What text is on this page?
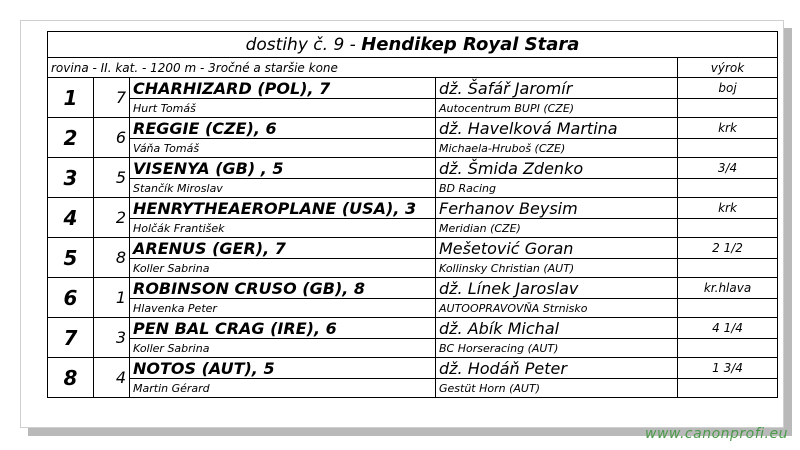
dostihy č. 9 - Hendikep Royal Stara				
rovina - II. kat. - 1200 m - 3ročné a staršie kone				výrok
1	7	CHARHIZARD (POL), 7	dž. Šafář Jaromír	boj
		Hurt Tomáš	Autocentrum BUPI (CZE)	
2	6	REGGIE (CZE), 6	dž. Havelková Martina	krk
		Váňa Tomáš	Michaela-Hruboš (CZE)	
3	5	VISENYA (GB) , 5	dž. Šmida Zdenko	3/4
		Stančík Miroslav	BD Racing	
4	2	HENRYTHEAEROPLANE (USA), 3	Ferhanov Beysim	krk
		Holčák František	Meridian (CZE)	
5	8	ARENUS (GER), 7	Mešetović Goran	2 1/2
		Koller Sabrina	Kollinsky Christian (AUT)	
6	1	ROBINSON CRUSO (GB), 8	dž. Línek Jaroslav	kr.hlava
		Hlavenka Peter	AUTOOPRAVOVŇA Strnisko	
7	3	PEN BAL CRAG (IRE), 6	dž. Abík Michal	4 1/4
		Koller Sabrina	BC Horseracing (AUT)	
8	4	NOTOS (AUT), 5	dž. Hodáň Peter	1 3/4
		Martin Gérard	Gestüt Horn (AUT)	
www.canonprofi.eu
